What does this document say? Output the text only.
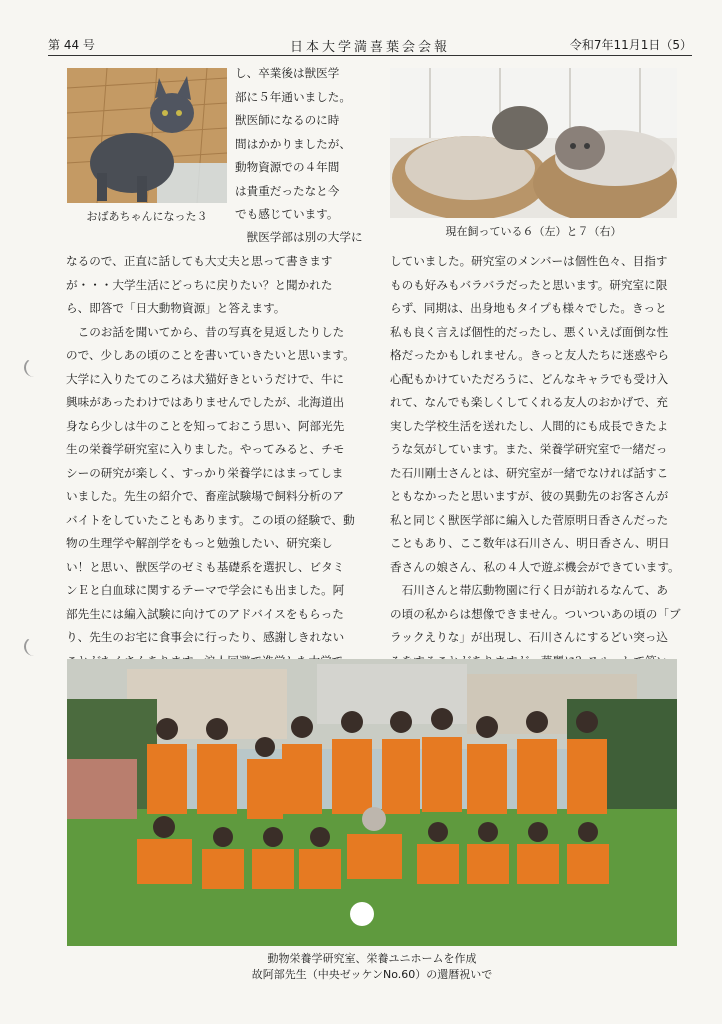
第 44 号	日本大学満喜葉会会報	令和7年11月1日（5）
おばあちゃんになった３

し、卒業後は獣医学

部に５年通いました。

獣医師になるのに時

間はかかりましたが、

動物資源での４年間

は貴重だったなと今

でも感じています。

　獣医学部は別の大学に

なるので、正直に話しても大丈夫と思って書きます

が・・・大学生活にどっちに戻りたい？と聞かれた

ら、即答で「日大動物資源」と答えます。

　このお話を聞いてから、昔の写真を見返したりした

ので、少しあの頃のことを書いていきたいと思います。

大学に入りたてのころは犬猫好きというだけで、牛に

興味があったわけではありませんでしたが、北海道出

身なら少しは牛のことを知っておこう思い、阿部光先

生の栄養学研究室に入りました。やってみると、チモ

シーの研究が楽しく、すっかり栄養学にはまってしま

いました。先生の紹介で、畜産試験場で飼料分析のア

バイトをしていたこともあります。この頃の経験で、動

物の生理学や解剖学をもっと勉強したい、研究楽し

い！と思い、獣医学のゼミも基礎系を選択し、ビタミ

ンＥと白血球に関するテーマで学会にも出ました。阿

部先生には編入試験に向けてのアドバイスをもらった

り、先生のお宅に食事会に行ったり、感謝しきれない

現在飼っている６（左）と７（右）

していました。研究室のメンバーは個性色々、目指す

ものも好みもバラバラだったと思います。研究室に限

らず、同期は、出身地もタイプも様々でした。きっと

私も良く言えば個性的だったし、悪くいえば面倒な性

格だったかもしれません。きっと友人たちに迷惑やら

心配もかけていただろうに、どんなキャラでも受け入

れて、なんでも楽しくしてくれる友人のおかげで、充

実した学校生活を送れたし、人間的にも成長できたよ

うな気がしています。また、栄養学研究室で一緒だっ

た石川剛士さんとは、研究室が一緒でなければ話すこ

ともなかったと思いますが、彼の異動先のお客さんが

私と同じく獣医学部に編入した菅原明日香さんだった

こともあり、ここ数年は石川さん、明日香さん、明日

香さんの娘さん、私の４人で遊ぶ機会ができています。

　石川さんと帯広動物園に行く日が訪れるなんて、あ

の頃の私からは想像できません。ついついあの頃の「ブ

ラックえりな」が出現し、石川さんにするどい突っ込

動物栄養学研究室、栄養ユニホームを作成
故阿部先生（中央ゼッケンNo.60）の還暦祝いで
